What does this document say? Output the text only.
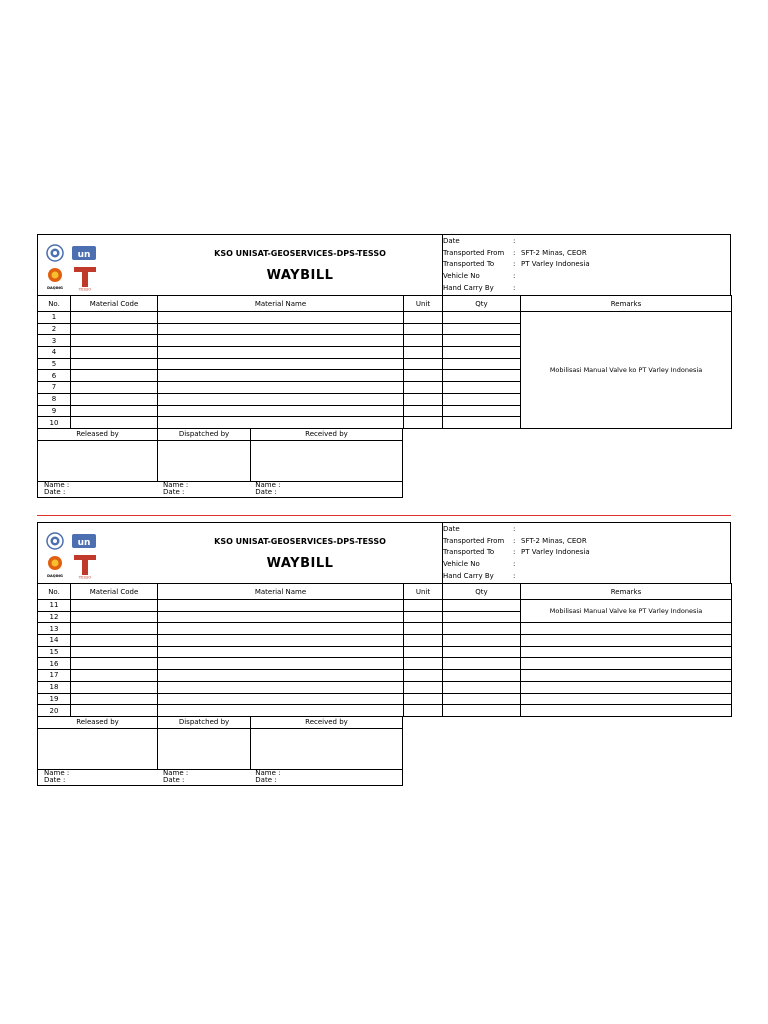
un
DAQING	TESSO
KSO UNISAT-GEOSERVICES-DPS-TESSO
WAYBILL
Date	:
Transported From : SFT-2 Minas, CEOR
Transported To	: PT Varley Indonesia
Vehicle No	:
Hand Carry By	:
No.	Material Code	Material Name	Unit	Qty	Remarks
1					Mobilisasi Manual Valve ko PT Varley Indonesia
2					
3					
4					
5					
6					
7					
8					
9					
10					
Released by	Dispatched by	Received by
Name :
Date :
Name :
Date :
Name :
Date :
un
DAQING	TESSO
KSO UNISAT-GEOSERVICES-DPS-TESSO
WAYBILL
Date	:
Transported From : SFT-2 Minas, CEOR
Transported To	: PT Varley Indonesia
Vehicle No	:
Hand Carry By	:
No.	Material Code	Material Name	Unit	Qty	Remarks
11					Mobilisasi Manual Valve ke PT Varley Indonesia
12					
13					
14					
15					
16					
17					
18					
19					
20					
Released by	Dispatched by	Received by
Name :
Date :
Name :
Date :
Name :
Date :
